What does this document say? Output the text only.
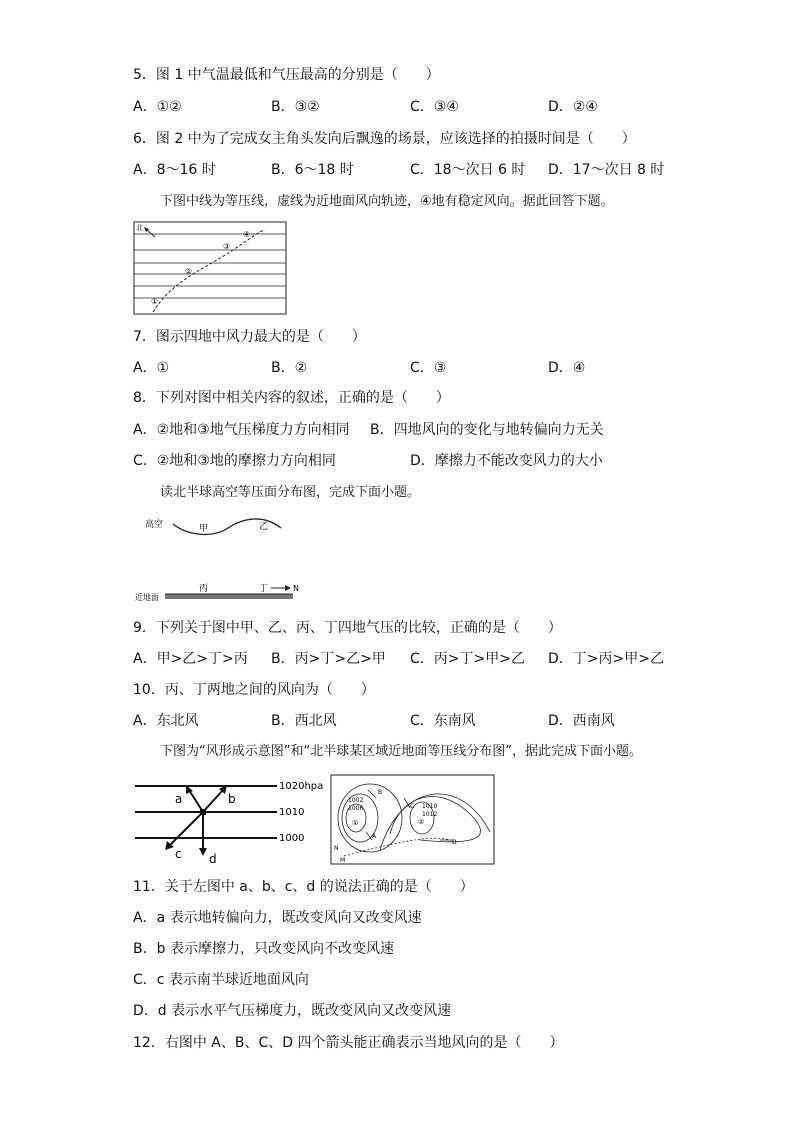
5．图 1 中气温最低和气压最高的分别是（　　）
A．①②	B．③②	C．③④	D．②④
6．图 2 中为了完成女主角头发向后飘逸的场景，应该选择的拍摄时间是（　　）
A．8～16 时	B．6～18 时	C．18～次日 6 时 D．17～次日 8 时
下图中线为等压线，虚线为近地面风向轨迹，④地有稳定风向。据此回答下题。
北
①
②
③
④
7．图示四地中风力最大的是（　　）
A．①	B．②	C．③	D．④
8．下列对图中相关内容的叙述，正确的是（　　）
A．②地和③地气压梯度力方向相同 B．四地风向的变化与地转偏向力无关
C．②地和③地的摩擦力方向相同	D．摩擦力不能改变风力的大小
读北半球高空等压面分布图，完成下面小题。
高空	甲	乙
丙	丁	N
近地面
9．下列关于图中甲、乙、丙、丁四地气压的比较，正确的是（　　）
A．甲>乙>丁>丙 B．丙>丁>乙>甲 C．丙>丁>甲>乙 D．丁>丙>甲>乙
10．丙、丁两地之间的风向为（　　）
A．东北风	B．西北风	C．东南风	D．西南风
下图为“风形成示意图”和“北半球某区域近地面等压线分布图”，据此完成下面小题。
1020hpa
1010
1000
a	b
c d
1002
1006
B
C 1010
1012
①	②
A
D
N
M
11．关于左图中 a、b、c、d 的说法正确的是（　　）
A．a 表示地转偏向力，既改变风向又改变风速
B．b 表示摩擦力，只改变风向不改变风速
C．c 表示南半球近地面风向
D．d 表示水平气压梯度力，既改变风向又改变风速
12．右图中 A、B、C、D 四个箭头能正确表示当地风向的是（　　）
